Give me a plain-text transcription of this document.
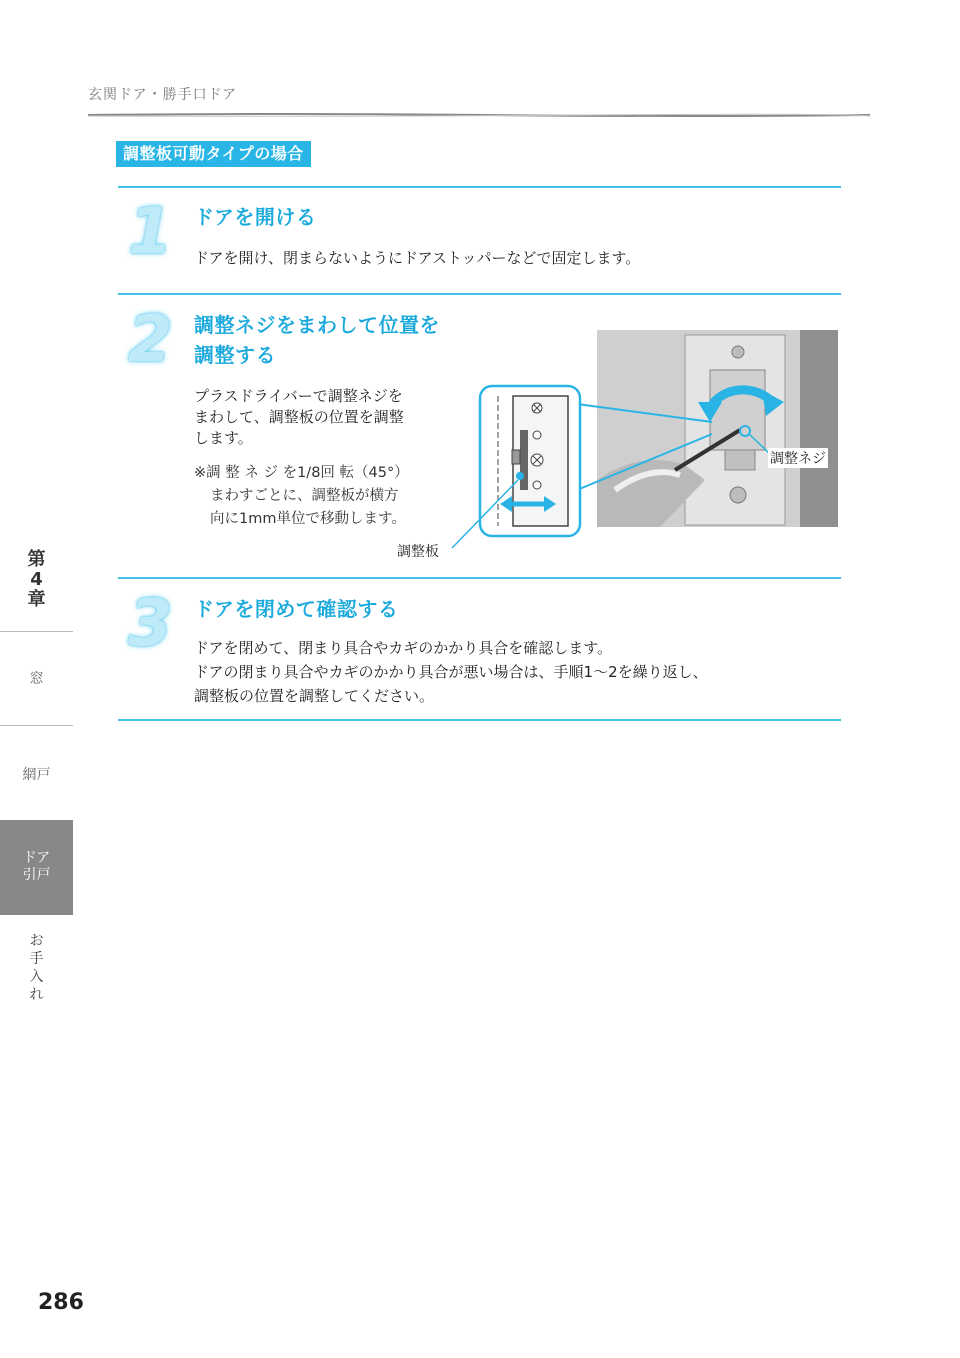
玄関ドア・勝手口ドア
調整板可動タイプの場合
1 ドアを開ける
ドアを開け、閉まらないようにドアストッパーなどで固定します。
2 調整ネジをまわして位置を
調整する
プラスドライバーで調整ネジを
まわして、調整板の位置を調整
します。
※調 整 ネ ジ を1/8回 転（45°）
まわすごとに、調整板が横方
向に1mm単位で移動します。
調整板
調整ネジ
3 ドアを閉めて確認する
ドアを閉めて、閉まり具合やカギのかかり具合を確認します。
ドアの閉まり具合やカギのかかり具合が悪い場合は、手順1～2を繰り返し、
調整板の位置を調整してください。
第
4
章
窓
網戸
ドア
引戸
お
手
入
れ
286
